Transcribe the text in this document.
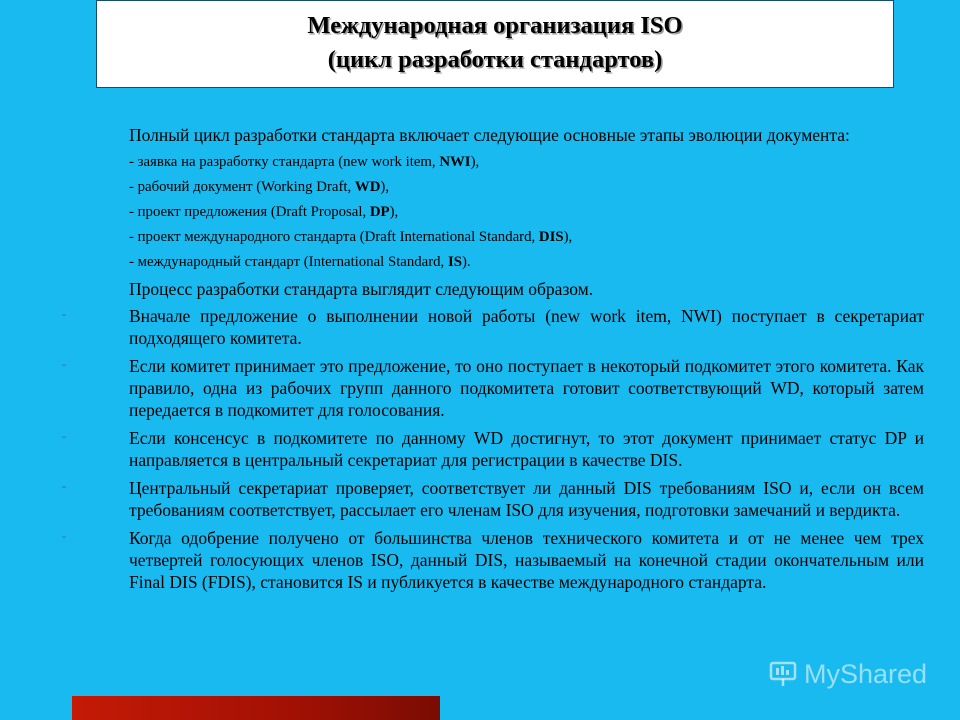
Международная организация ISO
(цикл разработки стандартов)

Полный цикл разработки стандарта включает следующие основные этапы эволюции документа:

- заявка на разработку стандарта (new work item, NWI),

- рабочий документ (Working Draft, WD),

- проект предложения (Draft Proposal, DP),

- проект международного стандарта (Draft International Standard, DIS),

- международный стандарт (International Standard, IS).

Процесс разработки стандарта выглядит следующим образом.

-	Вначале предложение о выполнении новой работы (new work item, NWI) поступает в секретариат подходящего комитета.
-	Если комитет принимает это предложение, то оно поступает в некоторый подкомитет этого комитета. Как правило, одна из рабочих групп данного подкомитета готовит соответствующий WD, который затем передается в подкомитет для голосования.
-	Если консенсус в подкомитете по данному WD достигнут, то этот документ принимает статус DP и направляется в центральный секретариат для регистрации в качестве DIS.
-	Центральный секретариат проверяет, соответствует ли данный DIS требованиям ISO и, если он всем требованиям соответствует, рассылает его членам ISO для изучения, подготовки замечаний и вердикта.
-	Когда одобрение получено от большинства членов технического комитета и от не менее чем трех четвертей голосующих членов ISO, данный DIS, называемый на конечной стадии окончательным или Final DIS (FDIS), становится IS и публикуется в качестве международного стандарта.
MyShared
